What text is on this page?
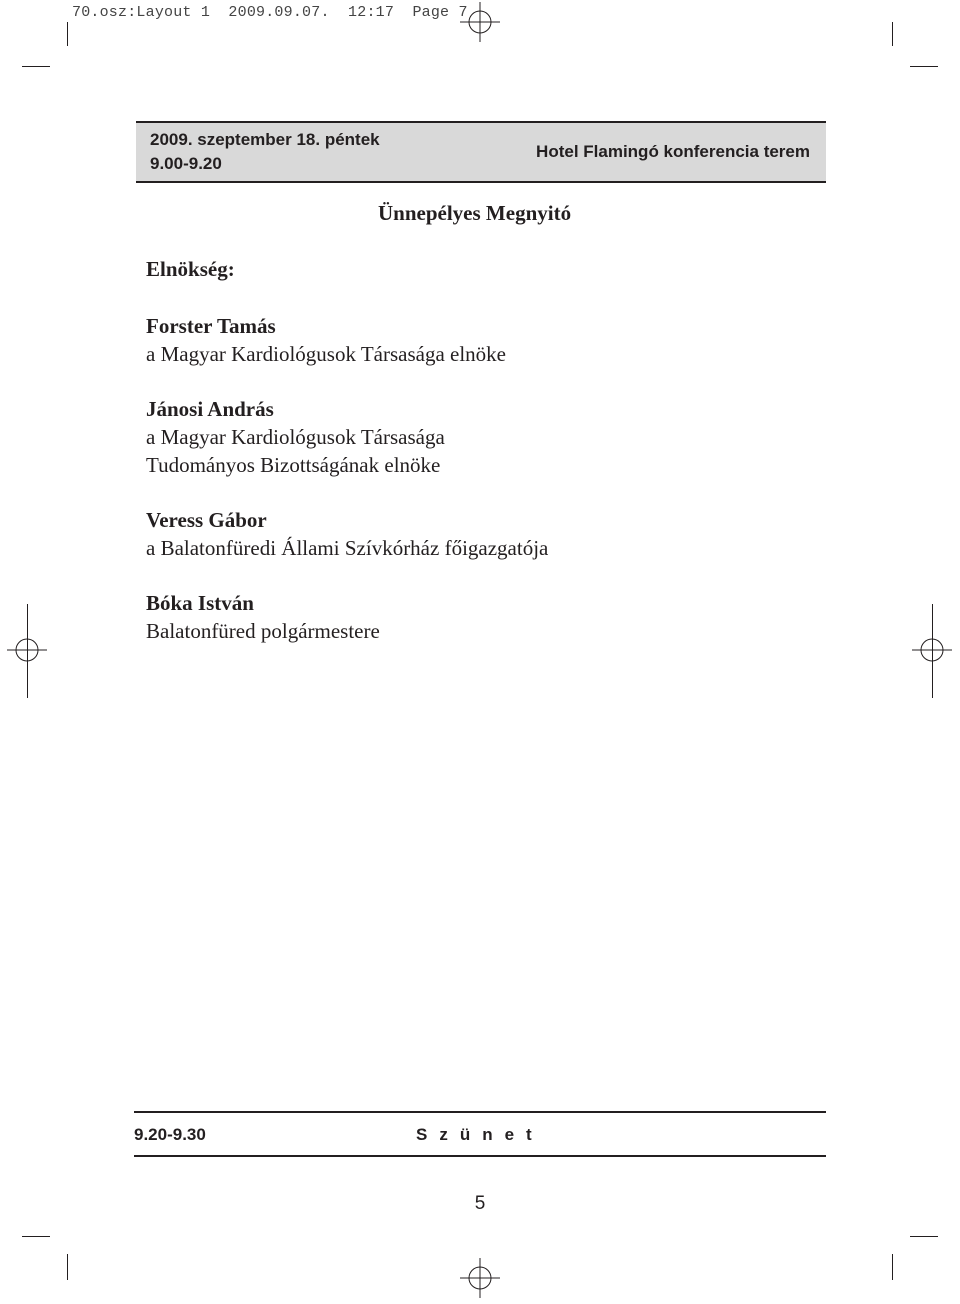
70.osz:Layout 1  2009.09.07.  12:17  Page 7
2009. szeptember 18. péntek
9.00-9.20
Hotel Flamingó konferencia terem
Ünnepélyes Megnyitó
Elnökség:
Forster Tamás
a Magyar Kardiológusok Társasága elnöke
Jánosi András
a Magyar Kardiológusok Társasága
Tudományos Bizottságának elnöke
Veress Gábor
a Balatonfüredi Állami Szívkórház főigazgatója
Bóka István
Balatonfüred polgármestere
9.20-9.30	Szünet
5
